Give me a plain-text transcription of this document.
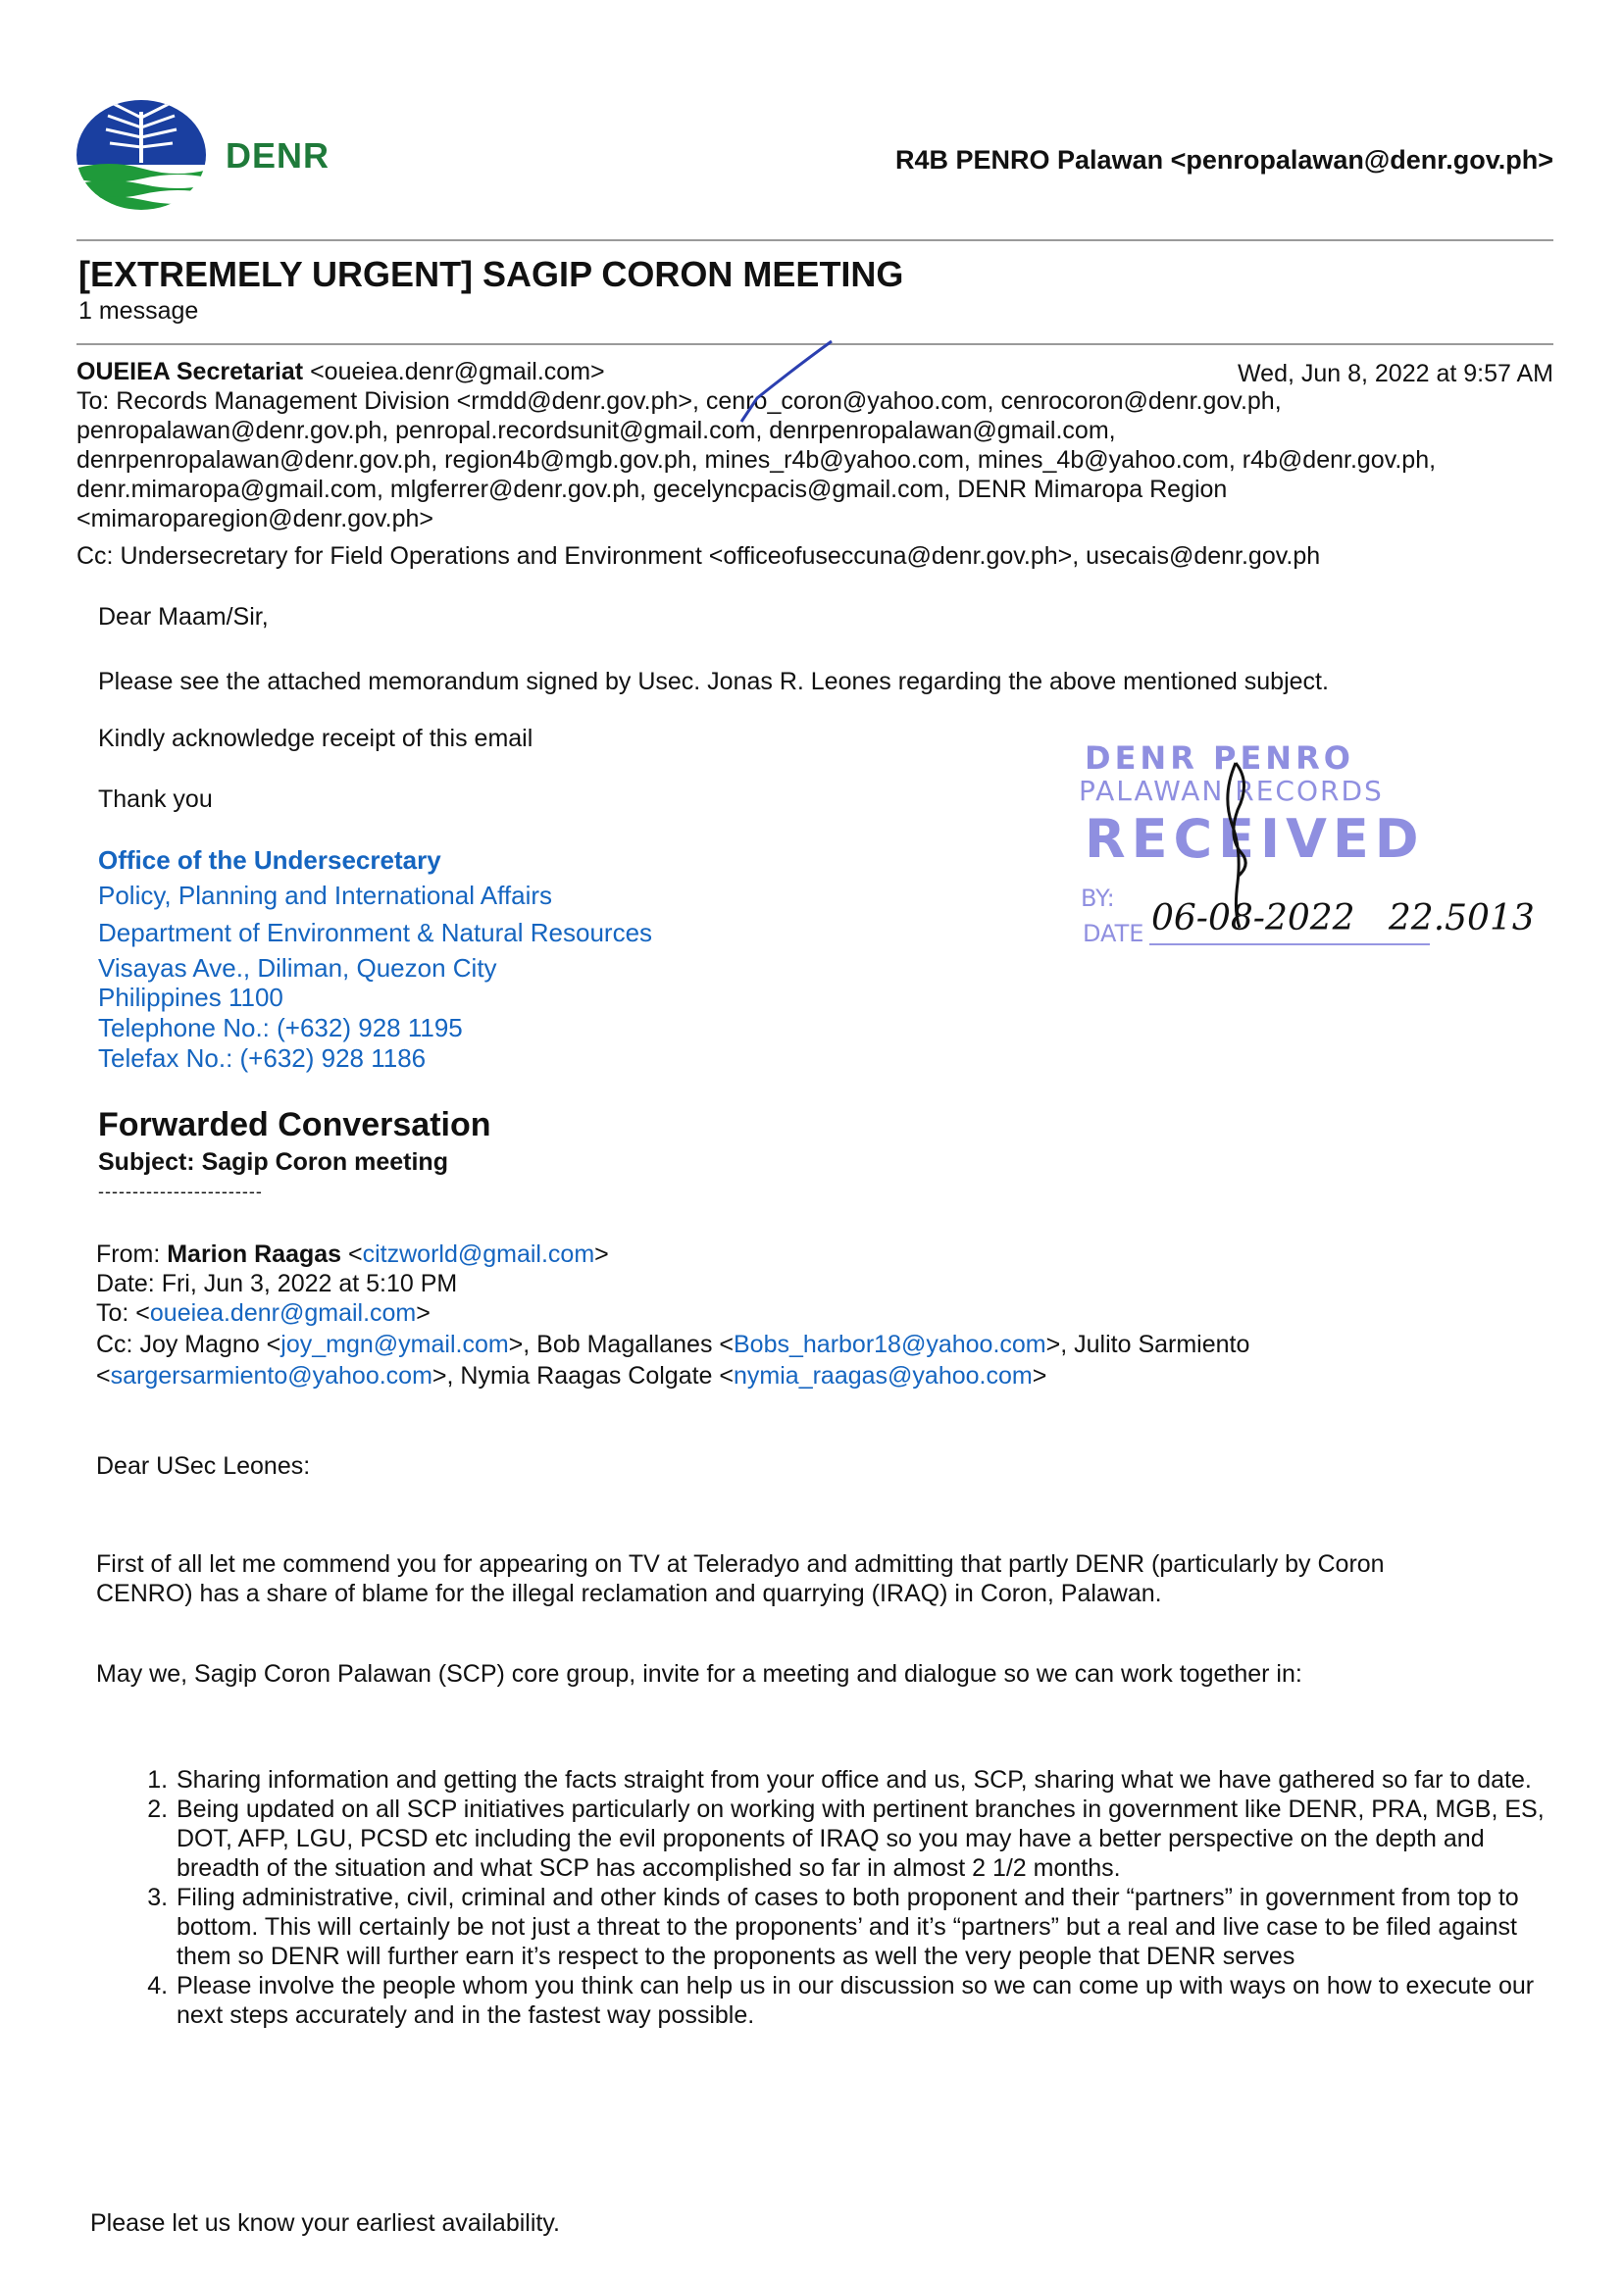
DENR	R4B PENRO Palawan <penropalawan@denr.gov.ph>
[EXTREMELY URGENT] SAGIP CORON MEETING
1 message
OUEIEA Secretariat <oueiea.denr@gmail.com>	Wed, Jun 8, 2022 at 9:57 AM
To: Records Management Division <rmdd@denr.gov.ph>, cenro_coron@yahoo.com, cenrocoron@denr.gov.ph,
penropalawan@denr.gov.ph, penropal.recordsunit@gmail.com, denrpenropalawan@gmail.com,
denrpenropalawan@denr.gov.ph, region4b@mgb.gov.ph, mines_r4b@yahoo.com, mines_4b@yahoo.com, r4b@denr.gov.ph,
denr.mimaropa@gmail.com, mlgferrer@denr.gov.ph, gecelyncpacis@gmail.com, DENR Mimaropa Region
<mimaroparegion@denr.gov.ph>
Cc: Undersecretary for Field Operations and Environment <officeofuseccuna@denr.gov.ph>, usecais@denr.gov.ph
Dear Maam/Sir,
Please see the attached memorandum signed by Usec. Jonas R. Leones regarding the above mentioned subject.
Kindly acknowledge receipt of this email
Thank you
Office of the Undersecretary
Policy, Planning and International Affairs
Department of Environment & Natural Resources
Visayas Ave., Diliman, Quezon City
Philippines 1100
Telephone No.: (+632) 928 1195
Telefax No.: (+632) 928 1186
DENR PENRO
PALAWAN RECORDS
RECEIVED
BY:
DATE 06-08-2022   22.5013
Forwarded Conversation
Subject: Sagip Coron meeting
------------------------
From: Marion Raagas <citzworld@gmail.com>
Date: Fri, Jun 3, 2022 at 5:10 PM
To: <oueiea.denr@gmail.com>
Cc: Joy Magno <joy_mgn@ymail.com>, Bob Magallanes <Bobs_harbor18@yahoo.com>, Julito Sarmiento
<sargersarmiento@yahoo.com>, Nymia Raagas Colgate <nymia_raagas@yahoo.com>
Dear USec Leones:
First of all let me commend you for appearing on TV at Teleradyo and admitting that partly DENR (particularly by Coron
CENRO) has a share of blame for the illegal reclamation and quarrying (IRAQ) in Coron, Palawan.
May we, Sagip Coron Palawan (SCP) core group, invite for a meeting and dialogue so we can work together in:
1. Sharing information and getting the facts straight from your office and us, SCP, sharing what we have gathered so far to date.
2. Being updated on all SCP initiatives particularly on working with pertinent branches in government like DENR, PRA, MGB, ES, DOT, AFP, LGU, PCSD etc including the evil proponents of IRAQ so you may have a better perspective on the depth and breadth of the situation and what SCP has accomplished so far in almost 2 1/2 months.
3. Filing administrative, civil, criminal and other kinds of cases to both proponent and their “partners” in government from top to bottom. This will certainly be not just a threat to the proponents’ and it’s “partners” but a real and live case to be filed against them so DENR will further earn it’s respect to the proponents as well the very people that DENR serves
4. Please involve the people whom you think can help us in our discussion so we can come up with ways on how to execute our next steps accurately and in the fastest way possible.
Please let us know your earliest availability.
